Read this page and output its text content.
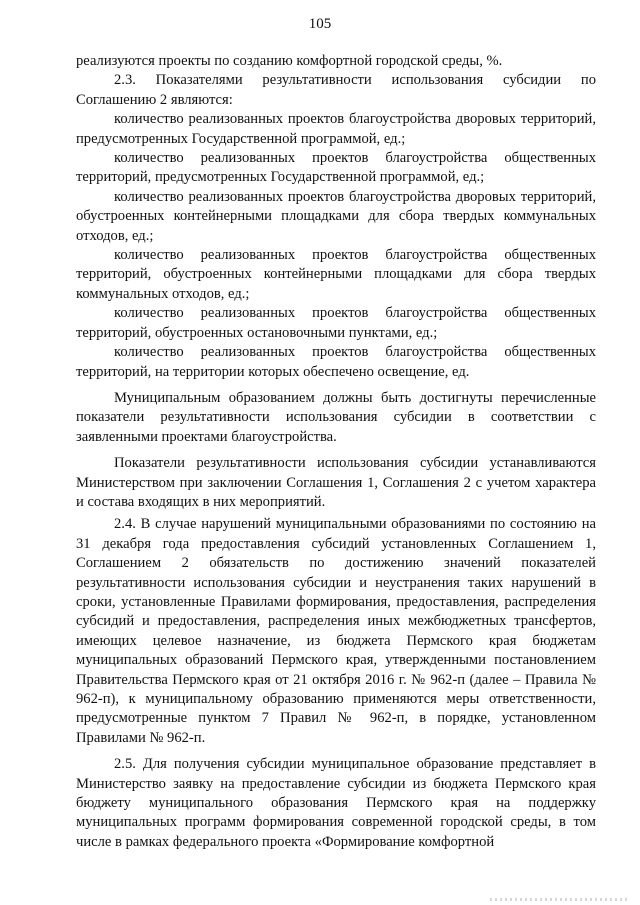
105

реализуются проекты по созданию комфортной городской среды, %.

2.3. Показателями результативности использования субсидии по Соглашению 2 являются:

количество реализованных проектов благоустройства дворовых территорий, предусмотренных Государственной программой, ед.;

количество реализованных проектов благоустройства общественных территорий, предусмотренных Государственной программой, ед.;

количество реализованных проектов благоустройства дворовых территорий, обустроенных контейнерными площадками для сбора твердых коммунальных отходов, ед.;

количество реализованных проектов благоустройства общественных территорий, обустроенных контейнерными площадками для сбора твердых коммунальных отходов, ед.;

количество реализованных проектов благоустройства общественных территорий, обустроенных остановочными пунктами, ед.;

количество реализованных проектов благоустройства общественных территорий, на территории которых обеспечено освещение, ед.

Муниципальным образованием должны быть достигнуты перечисленные показатели результативности использования субсидии в соответствии с заявленными проектами благоустройства.

Показатели результативности использования субсидии устанавливаются Министерством при заключении Соглашения 1, Соглашения 2 с учетом характера и состава входящих в них мероприятий.

2.4. В случае нарушений муниципальными образованиями по состоянию на 31 декабря года предоставления субсидий установленных Соглашением 1, Соглашением 2 обязательств по достижению значений показателей результативности использования субсидии и неустранения таких нарушений в сроки, установленные Правилами формирования, предоставления, распределения субсидий и предоставления, распределения иных межбюджетных трансфертов, имеющих целевое назначение, из бюджета Пермского края бюджетам муниципальных образований Пермского края, утвержденными постановлением Правительства Пермского края от 21 октября 2016 г. № 962-п (далее – Правила № 962-п), к муниципальному образованию применяются меры ответственности, предусмотренные пунктом 7 Правил № 962-п, в порядке, установленном Правилами № 962-п.

2.5. Для получения субсидии муниципальное образование представляет в Министерство заявку на предоставление субсидии из бюджета Пермского края бюджету муниципального образования Пермского края на поддержку муниципальных программ формирования современной городской среды, в том числе в рамках федерального проекта «Формирование комфортной
